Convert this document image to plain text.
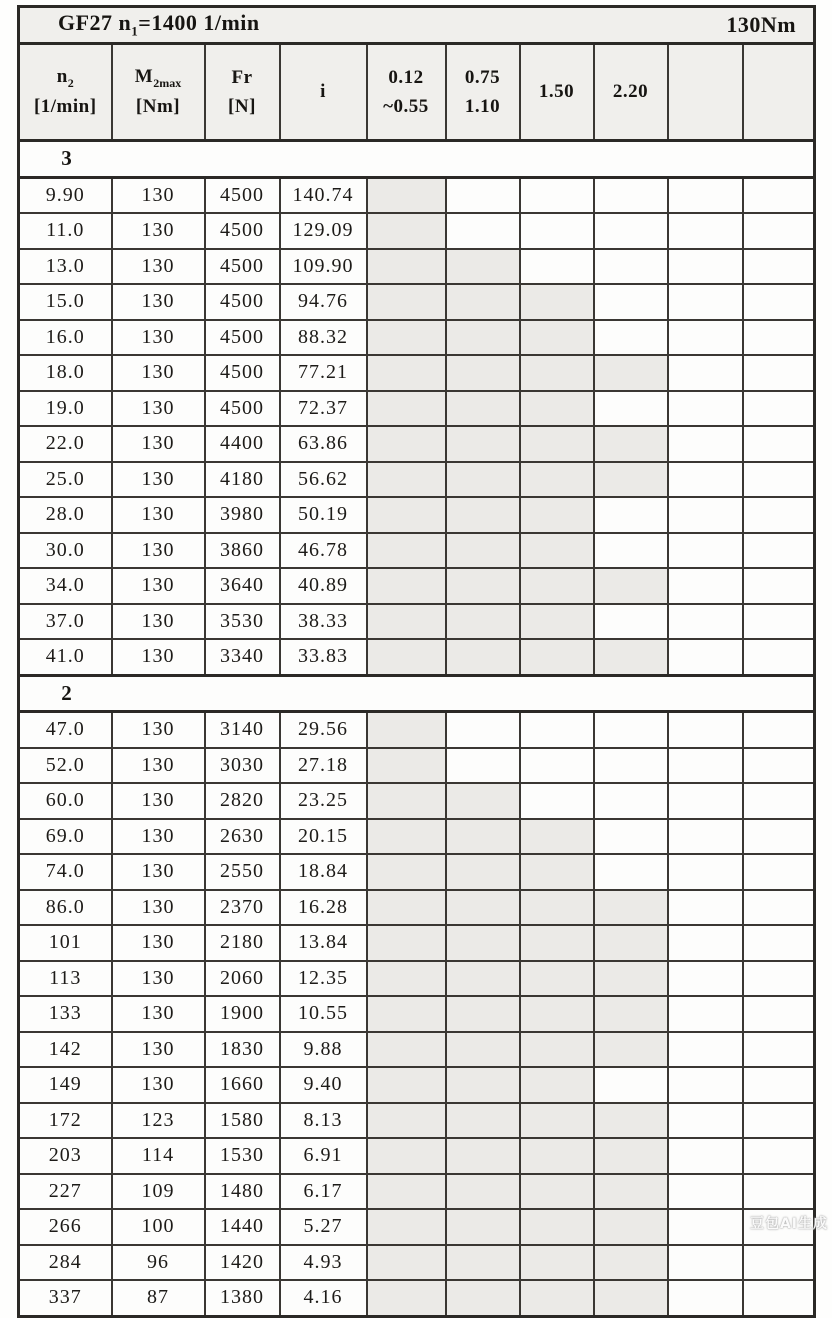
GF27 $n_1=1400$ 1/min 130Nm									

$n_2$
[1/min]

$M_{2max}$
[Nm]

Fr
[N]

i

0.12
~0.55

0.75
1.10

1.50	2.20

3									
9.90	130	4500	140.74						
11.0	130	4500	129.09						
13.0	130	4500	109.90						
15.0	130	4500	94.76						
16.0	130	4500	88.32						
18.0	130	4500	77.21						
19.0	130	4500	72.37						
22.0	130	4400	63.86						
25.0	130	4180	56.62						
28.0	130	3980	50.19						
30.0	130	3860	46.78						
34.0	130	3640	40.89						
37.0	130	3530	38.33						
41.0	130	3340	33.83						
2									
47.0	130	3140	29.56						
52.0	130	3030	27.18						
60.0	130	2820	23.25						
69.0	130	2630	20.15						
74.0	130	2550	18.84						
86.0	130	2370	16.28						
101	130	2180	13.84						
113	130	2060	12.35						
133	130	1900	10.55						
142	130	1830	9.88						
149	130	1660	9.40						
172	123	1580	8.13						
203	114	1530	6.91						
227	109	1480	6.17						
266	100	1440	5.27						
284	96	1420	4.93						
337	87	1380	4.16						
豆包AI生成
